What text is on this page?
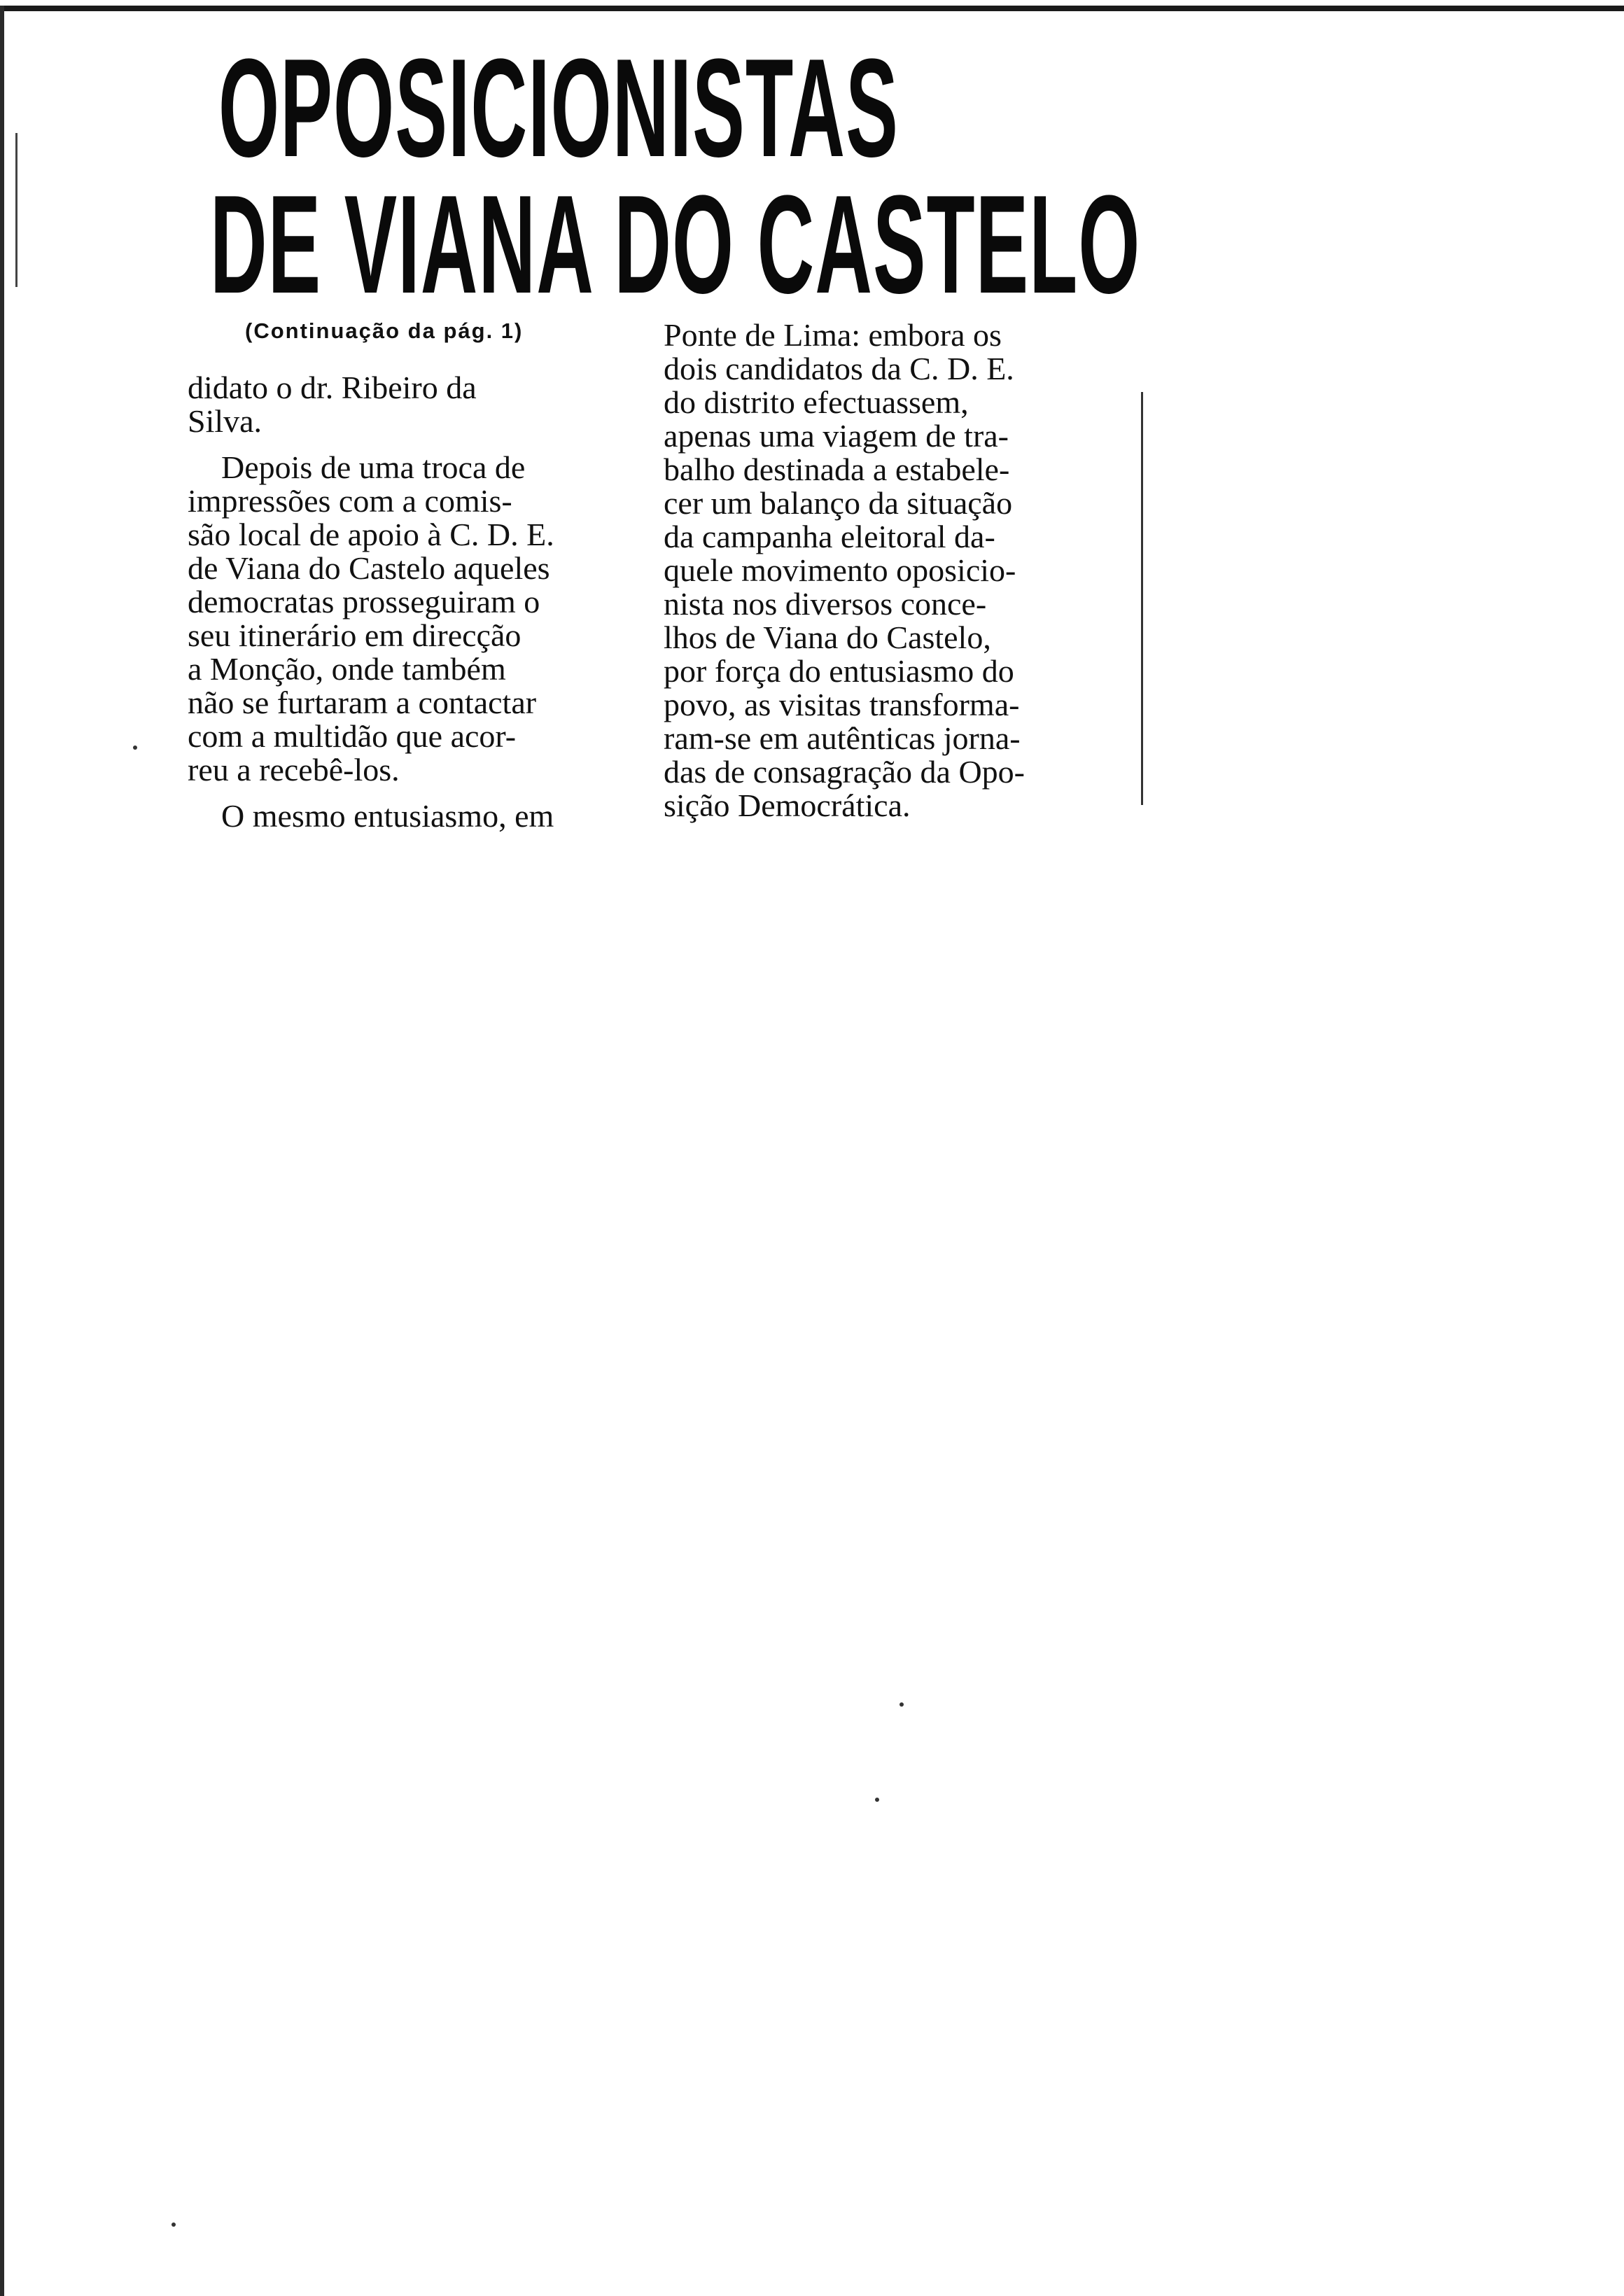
OPOSICIONISTAS
DE VIANA DO CASTELO
(Continuação da pág. 1)
didato o dr. Ribeiro da
Silva.
Depois de uma troca de
impressões com a comis-
são local de apoio à C. D. E.
de Viana do Castelo aqueles
democratas prosseguiram o
seu itinerário em direcção
a Monção, onde também
não se furtaram a contactar
com a multidão que acor-
reu a recebê-los.
O mesmo entusiasmo, em
Ponte de Lima: embora os
dois candidatos da C. D. E.
do distrito efectuassem,
apenas uma viagem de tra-
balho destinada a estabele-
cer um balanço da situação
da campanha eleitoral da-
quele movimento oposicio-
nista nos diversos conce-
lhos de Viana do Castelo,
por força do entusiasmo do
povo, as visitas transforma-
ram-se em autênticas jorna-
das de consagração da Opo-
sição Democrática.
